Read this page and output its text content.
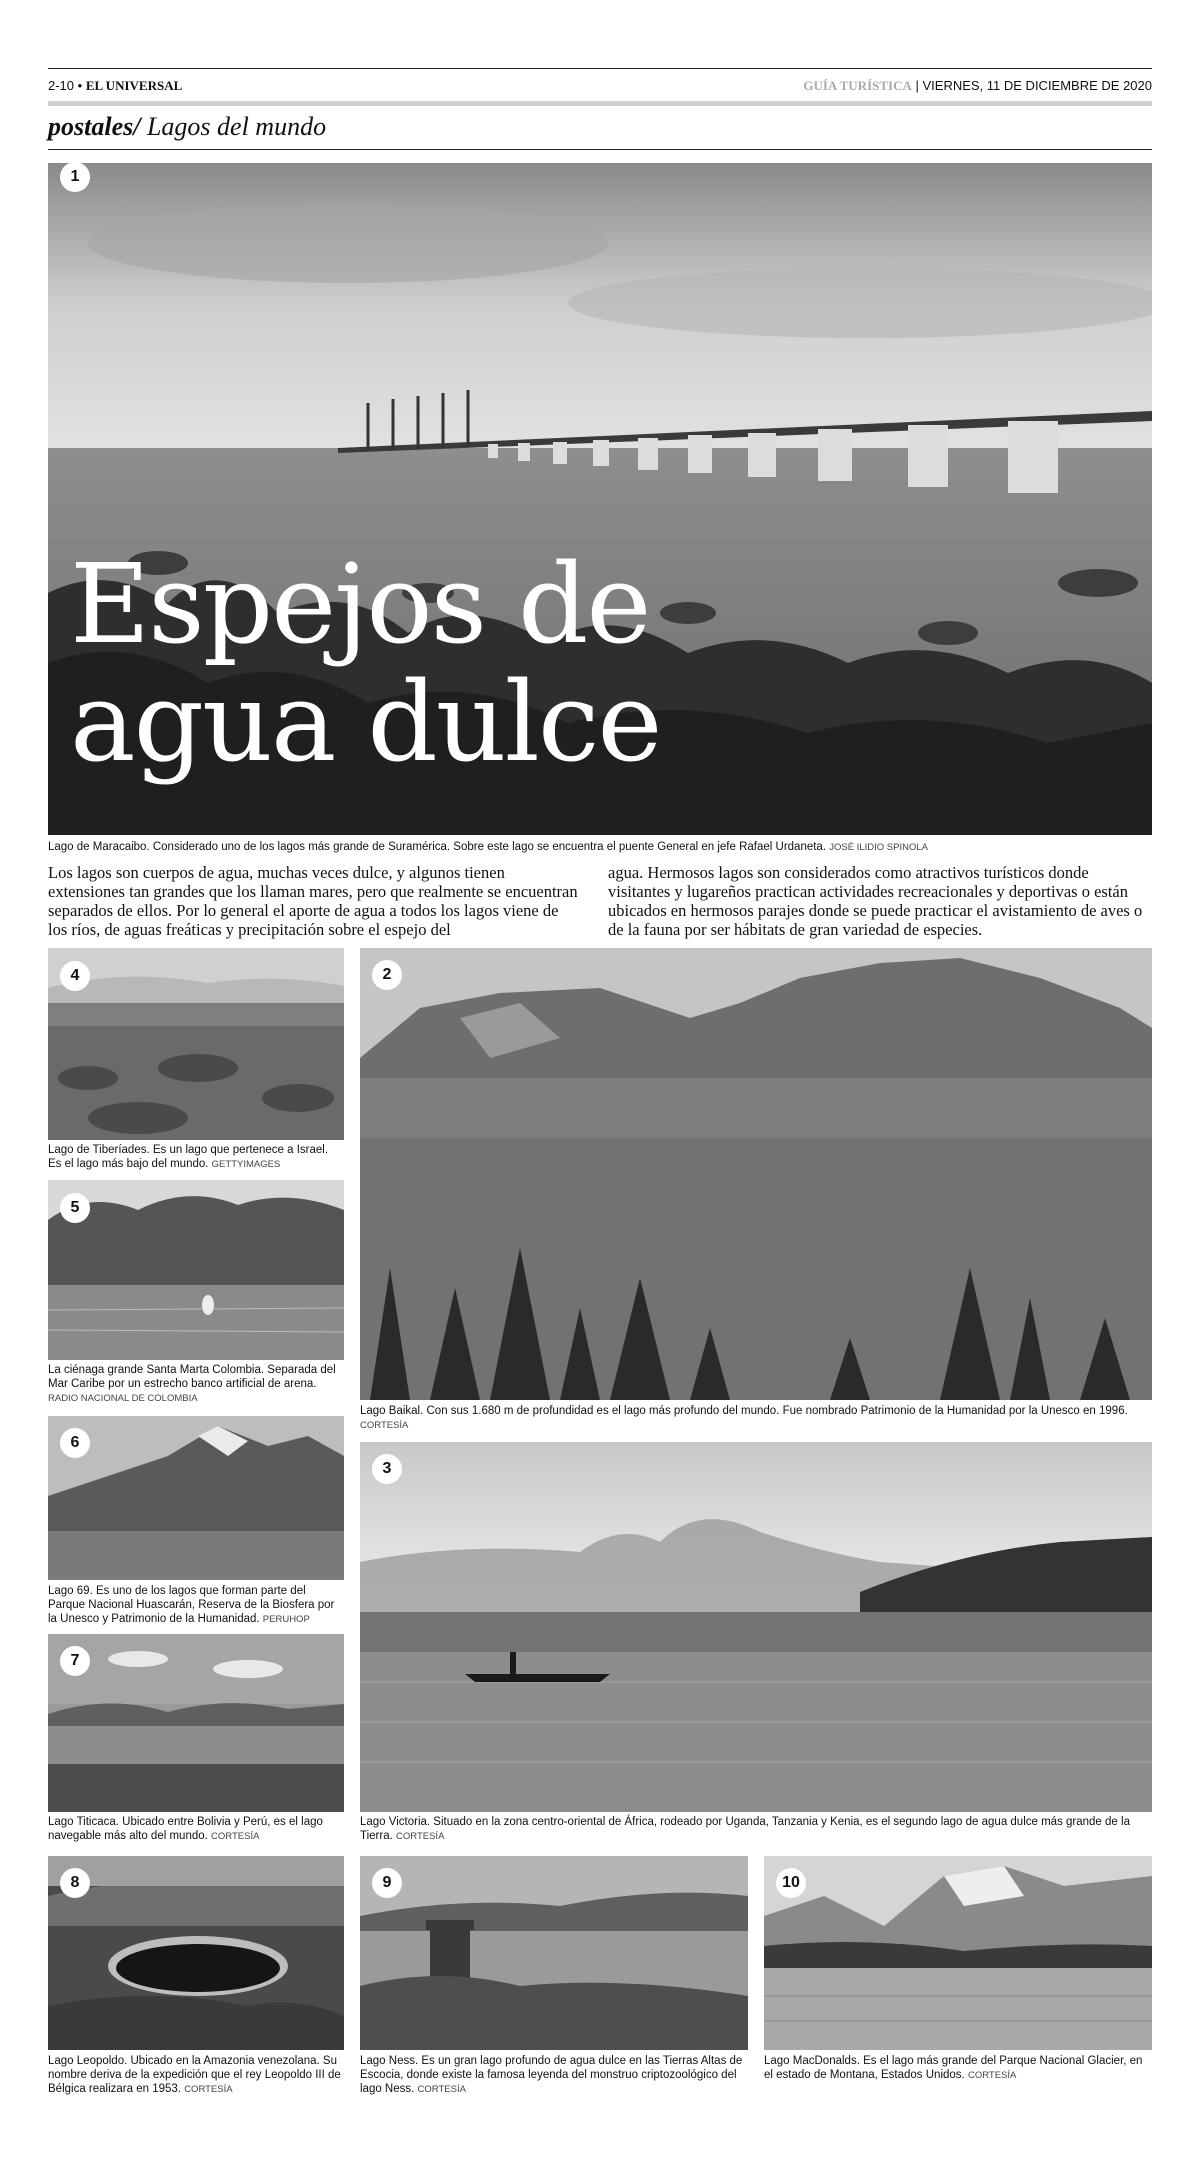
2-10 • EL UNIVERSAL	GUÍA TURÍSTICA | VIERNES, 11 DE DICIEMBRE DE 2020
postales/ Lagos del mundo
1
Espejos de
agua dulce
Lago de Maracaibo. Considerado uno de los lagos más grande de Suramérica. Sobre este lago se encuentra el puente General en jefe Rafael Urdaneta. JOSÉ ILIDIO SPINOLA
Los lagos son cuerpos de agua, muchas veces dulce, y algunos tienen extensiones tan grandes que los llaman mares, pero que realmente se encuentran separados de ellos. Por lo general el aporte de agua a todos los lagos viene de los ríos, de aguas freáticas y precipitación sobre el espejo del
agua. Hermosos lagos son considerados como atractivos turísticos donde visitantes y lugareños practican actividades recreacionales y deportivas o están ubicados en hermosos parajes donde se puede practicar el avistamiento de aves o de la fauna por ser hábitats de gran variedad de especies.
4
Lago de Tiberíades. Es un lago que pertenece a Israel. Es el lago más bajo del mundo. GETTYIMAGES
5
La ciénaga grande Santa Marta Colombia. Separada del Mar Caribe por un estrecho banco artificial de arena. RADIO NACIONAL DE COLOMBIA
6
Lago 69. Es uno de los lagos que forman parte del Parque Nacional Huascarán, Reserva de la Biosfera por la Unesco y Patrimonio de la Humanidad. PERUHOP
7
Lago Titicaca. Ubicado entre Bolivia y Perú, es el lago navegable más alto del mundo. CORTESÍA
2
Lago Baikal. Con sus 1.680 m de profundidad es el lago más profundo del mundo. Fue nombrado Patrimonio de la Humanidad por la Unesco en 1996. CORTESÍA
3
Lago Victoria. Situado en la zona centro-oriental de África, rodeado por Uganda, Tanzania y Kenia, es el segundo lago de agua dulce más grande de la Tierra. CORTESÍA
8
Lago Leopoldo. Ubicado en la Amazonia venezolana. Su nombre deriva de la expedición que el rey Leopoldo III de Bélgica realizara en 1953. CORTESÍA
9
Lago Ness. Es un gran lago profundo de agua dulce en las Tierras Altas de Escocia, donde existe la famosa leyenda del monstruo criptozoológico del lago Ness. CORTESÍA
10
Lago MacDonalds. Es el lago más grande del Parque Nacional Glacier, en el estado de Montana, Estados Unidos. CORTESÍA
